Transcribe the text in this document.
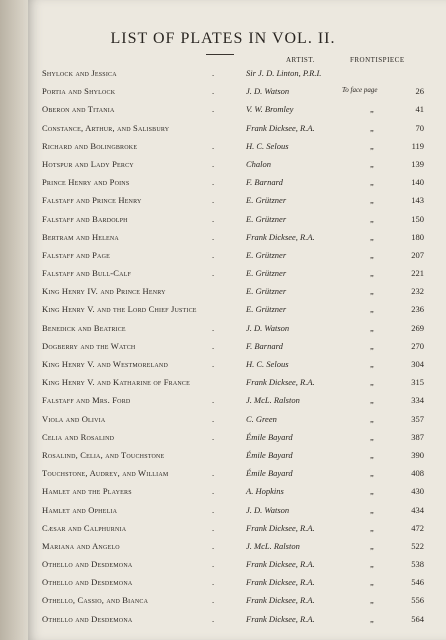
LIST OF PLATES IN VOL. II.
ARTIST.	FRONTISPIECE
Shylock and Jessica	.	Sir J. D. Linton, P.R.I.
Portia and Shylock	.	J. D. Watson	To face page	26
Oberon and Titania	.	V. W. Bromley	„	41
Constance, Arthur, and Salisbury	Frank Dicksee, R.A.	„	70
Richard and Bolingbroke	.	H. C. Selous	„	119
Hotspur and Lady Percy	.	Chalon	„	139
Prince Henry and Poins	.	F. Barnard	„	140
Falstaff and Prince Henry	.	E. Grützner	„	143
Falstaff and Bardolph	.	E. Grützner	„	150
Bertram and Helena	.	Frank Dicksee, R.A.	„	180
Falstaff and Page	.	E. Grützner	„	207
Falstaff and Bull-Calf	.	E. Grützner	„	221
King Henry IV. and Prince Henry	E. Grützner	„	232
King Henry V. and the Lord Chief Justice	E. Grützner	„	236
Benedick and Beatrice	.	J. D. Watson	„	269
Dogberry and the Watch	.	F. Barnard	„	270
King Henry V. and Westmoreland	.	H. C. Selous	„	304
King Henry V. and Katharine of France	Frank Dicksee, R.A.	„	315
Falstaff and Mrs. Ford	.	J. McL. Ralston	„	334
Viola and Olivia	.	C. Green	„	357
Celia and Rosalind	.	Émile Bayard	„	387
Rosalind, Celia, and Touchstone	Émile Bayard	„	390
Touchstone, Audrey, and William	.	Émile Bayard	„	408
Hamlet and the Players	.	A. Hopkins	„	430
Hamlet and Ophelia	.	J. D. Watson	„	434
Cæsar and Calphurnia	.	Frank Dicksee, R.A.	„	472
Mariana and Angelo	.	J. McL. Ralston	„	522
Othello and Desdemona	.	Frank Dicksee, R.A.	„	538
Othello and Desdemona	.	Frank Dicksee, R.A.	„	546
Othello, Cassio, and Bianca	.	Frank Dicksee, R.A.	„	556
Othello and Desdemona	.	Frank Dicksee, R.A.	„	564
